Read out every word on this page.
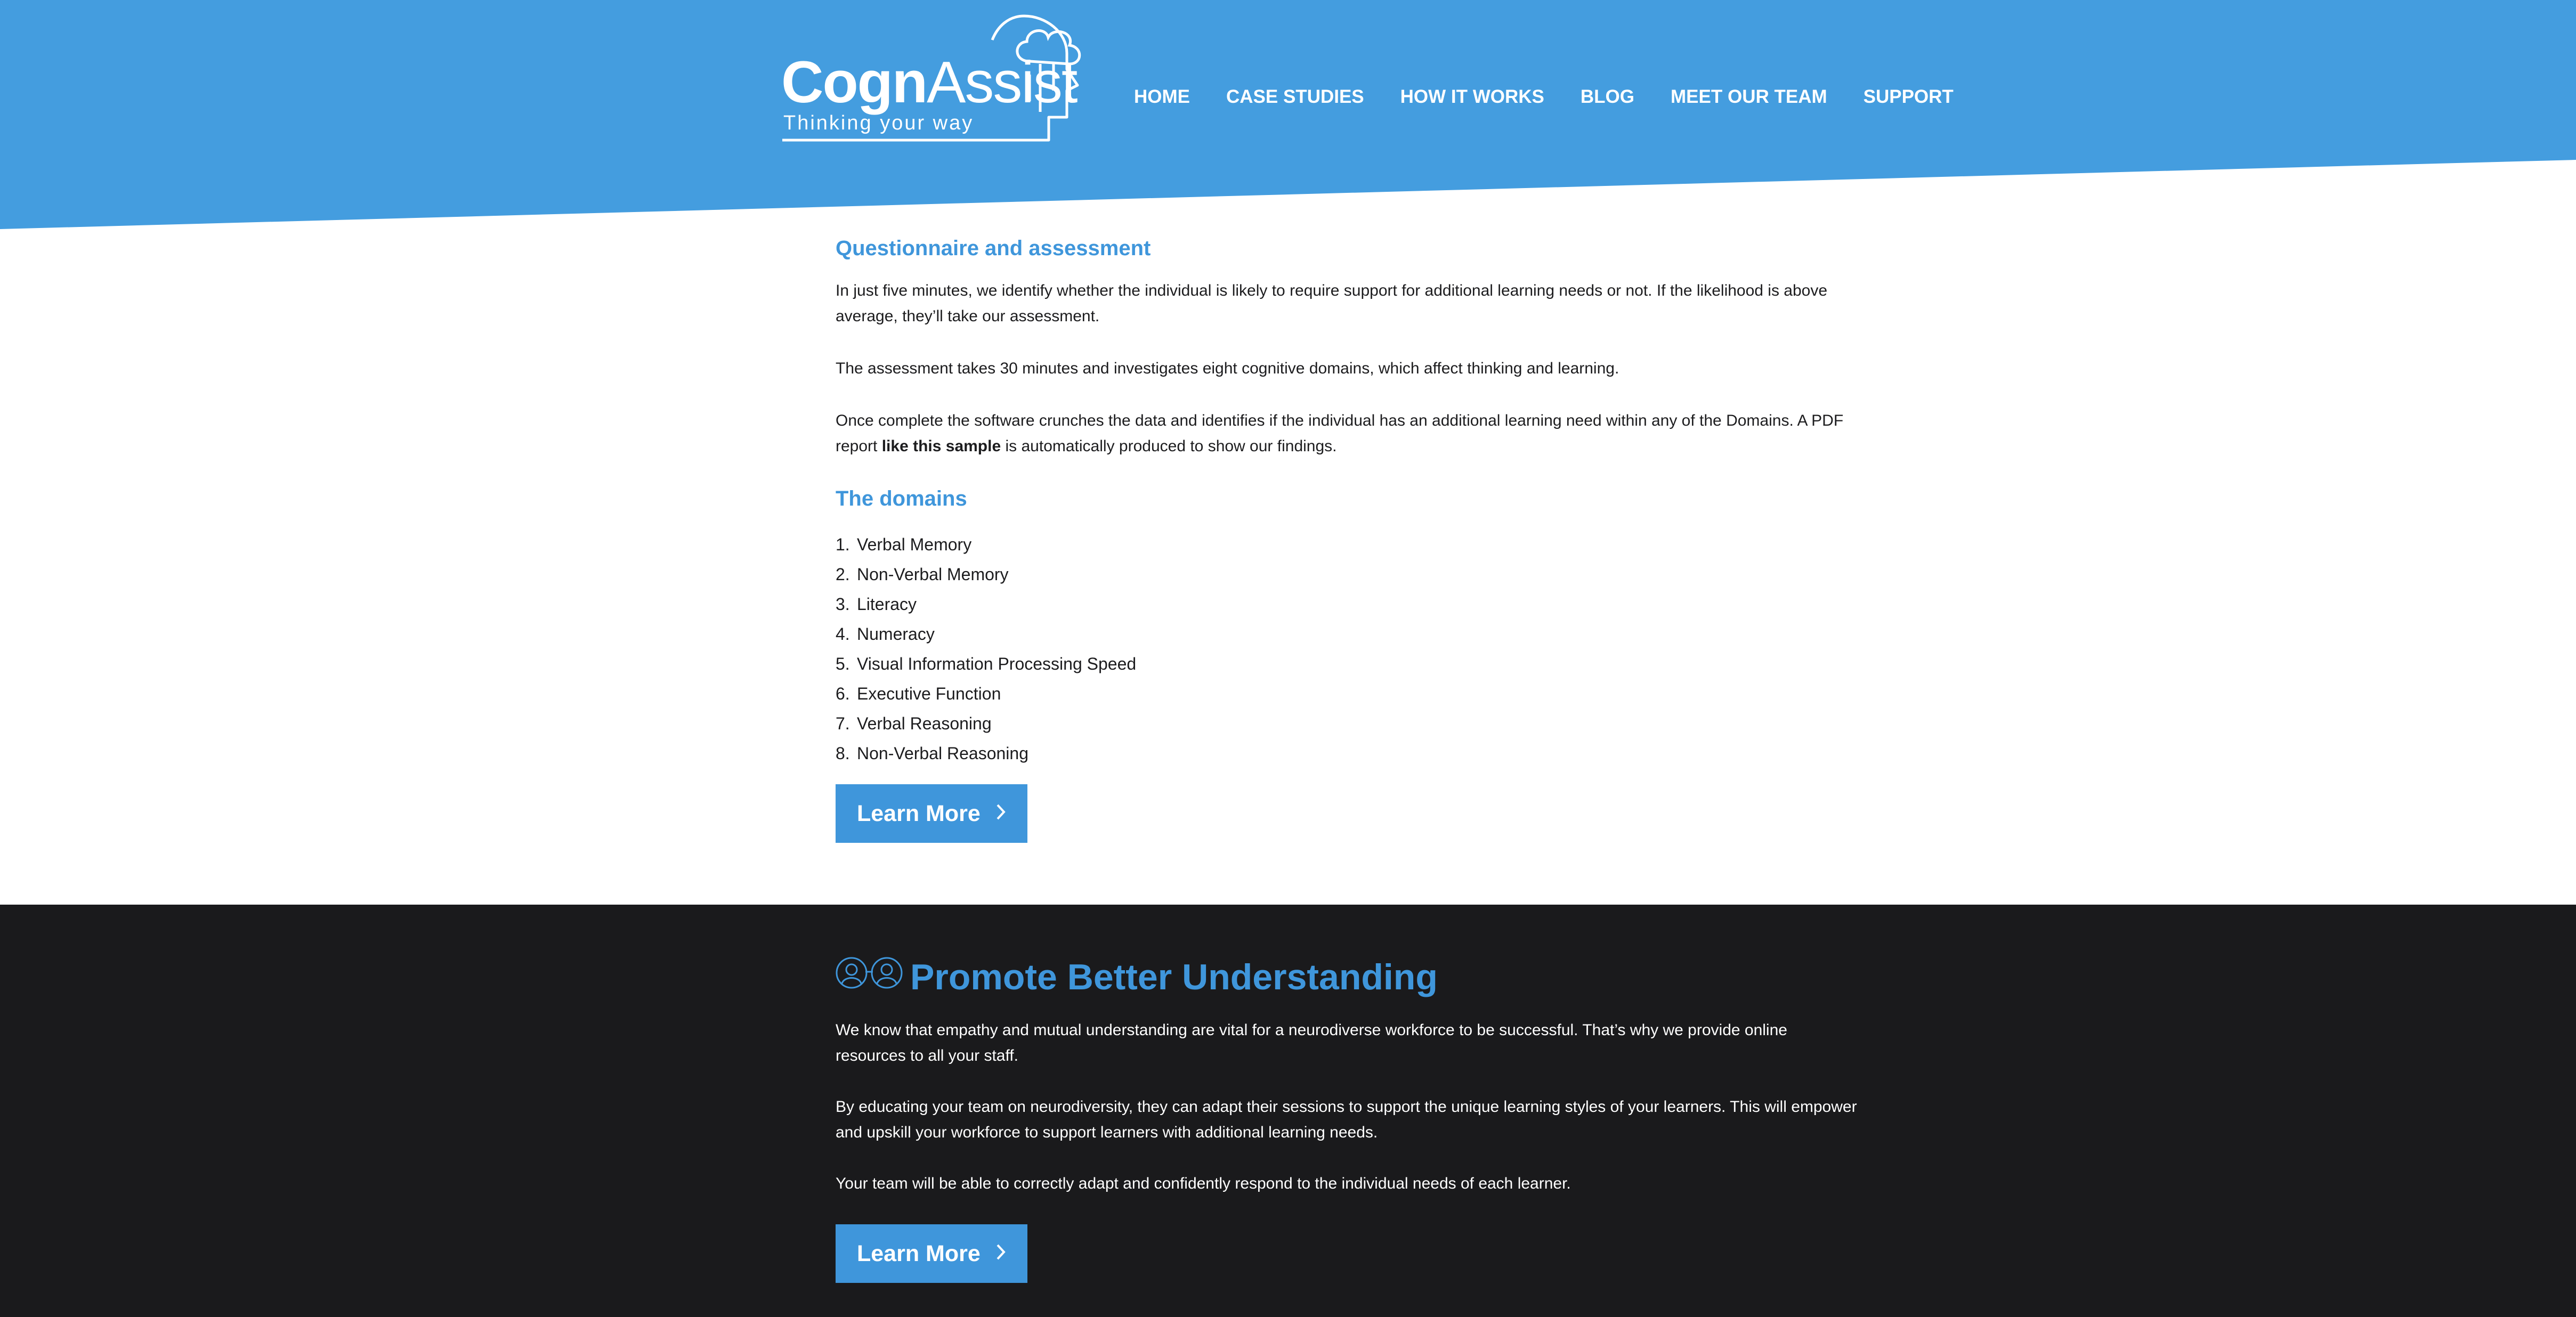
CognAssist
Thinking your way
HOME CASE STUDIES HOW IT WORKS BLOG MEET OUR TEAM SUPPORT
Questionnaire and assessment

In just five minutes, we identify whether the individual is likely to require support for additional learning needs or not. If the likelihood is above average, they’ll take our assessment.

The assessment takes 30 minutes and investigates eight cognitive domains, which affect thinking and learning.

Once complete the software crunches the data and identifies if the individual has an additional learning need within any of the Domains. A PDF report like this sample is automatically produced to show our findings.

The domains
1. Verbal Memory
2. Non-Verbal Memory
3. Literacy
4. Numeracy
5. Visual Information Processing Speed
6. Executive Function
7. Verbal Reasoning
8. Non-Verbal Reasoning
Learn More
Promote Better Understanding

We know that empathy and mutual understanding are vital for a neurodiverse workforce to be successful. That’s why we provide online resources to all your staff.

By educating your team on neurodiversity, they can adapt their sessions to support the unique learning styles of your learners. This will empower and upskill your workforce to support learners with additional learning needs.

Your team will be able to correctly adapt and confidently respond to the individual needs of each learner.

Learn More
